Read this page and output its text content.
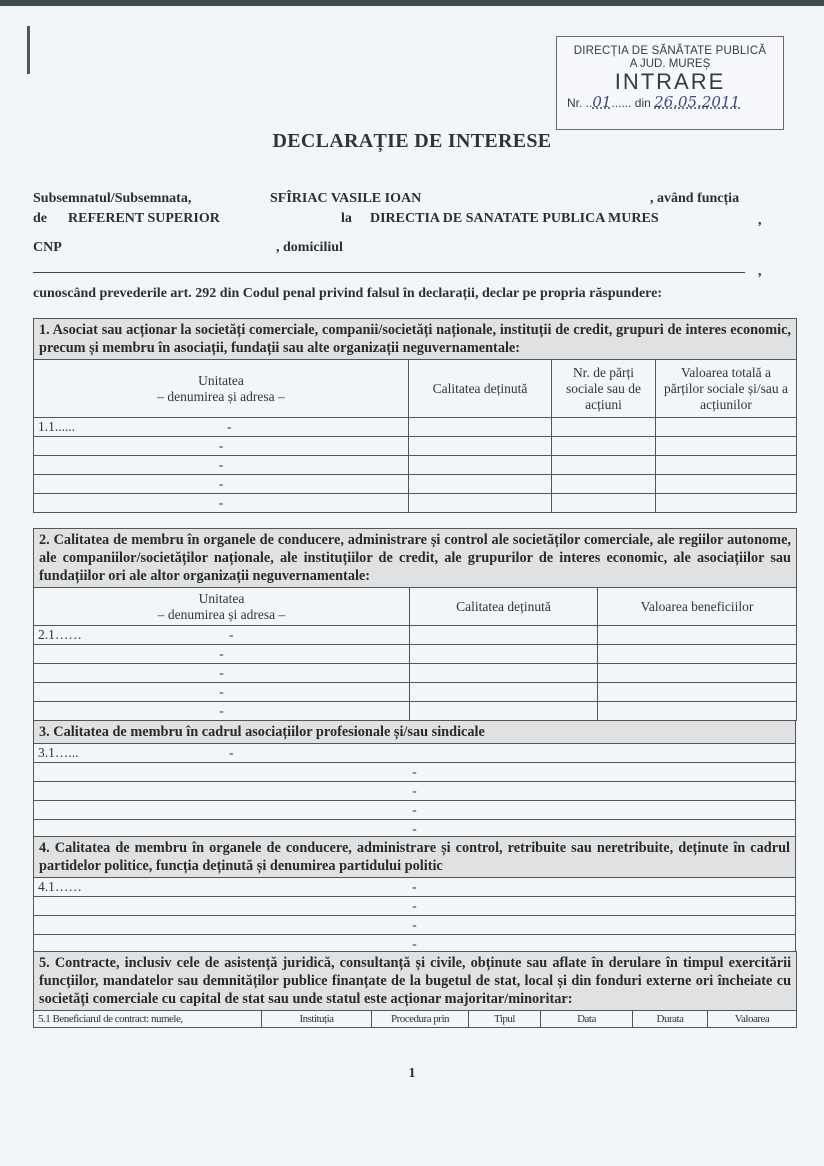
DIRECȚIA DE SĂNĂTATE PUBLICĂ
A JUD. MUREȘ
INTRARE
Nr. ..01...... din 26.05.2011
DECLARAȚIE DE INTERESE
Subsemnatul/Subsemnata,	SFÎRIAC VASILE IOAN	, având funcția
de REFERENT SUPERIOR	la DIRECTIA DE SANATATE PUBLICA MURES	,
CNP	, domiciliul
,
cunoscând prevederile art. 292 din Codul penal privind falsul în declarații, declar pe propria răspundere:
1. Asociat sau acționar la societăți comerciale, companii/societăți naționale, instituții de credit, grupuri de interes economic, precum și membru în asociații, fundații sau alte organizații neguvernamentale:			

Unitatea
– denumirea și adresa –	Calitatea deținută	Nr. de părți sociale sau de acțiuni	Valoarea totală a părților sociale și/sau a acțiunilor
1.1...... -			

-			
-			
-			
-			
2. Calitatea de membru în organele de conducere, administrare și control ale societăților comerciale, ale regiilor autonome, ale companiilor/societăților naționale, ale instituțiilor de credit, ale grupurilor de interes economic, ale asociațiilor sau fundațiilor ori ale altor organizații neguvernamentale:		

Unitatea
– denumirea și adresa –	Calitatea deținută	Valoarea beneficiilor
2.1…… -		

-		
-		
-		
-		
3. Calitatea de membru în cadrul asociațiilor profesionale și/sau sindicale
3.1…...	-

-
-
-
-
4. Calitatea de membru în organele de conducere, administrare și control, retribuite sau neretribuite, deținute în cadrul partidelor politice, funcția deținută și denumirea partidului politic
4.1……	-

-
-
-
5. Contracte, inclusiv cele de asistență juridică, consultanță și civile, obținute sau aflate în derulare în timpul exercitării funcțiilor, mandatelor sau demnităților publice finanțate de la bugetul de stat, local și din fonduri externe ori încheiate cu societăți comerciale cu capital de stat sau unde statul este acționar majoritar/minoritar:
5.1 Beneficiarul de contract: numele,	Instituția	Procedura prin	Tipul	Data	Durata	Valoarea
1
